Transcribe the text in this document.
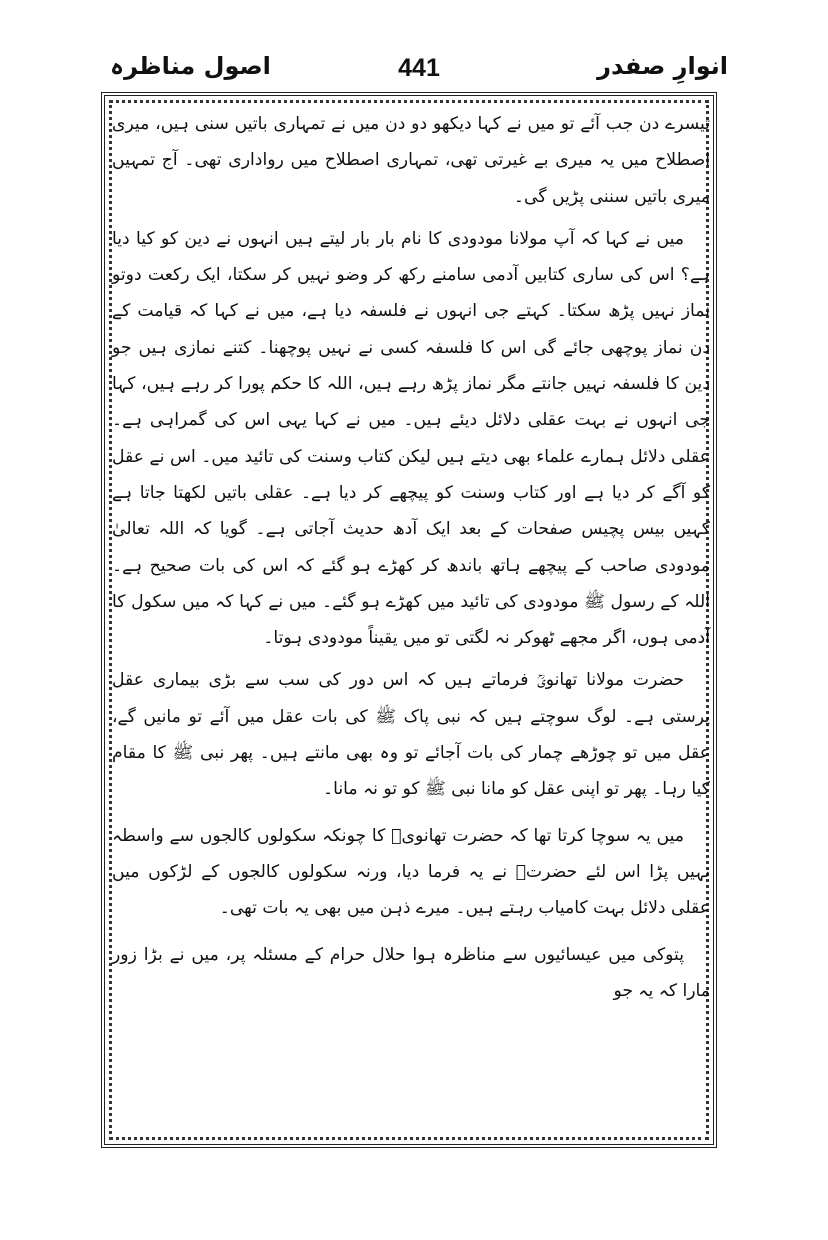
انوارِ صفدر
441
اصول مناظرہ

تیسرے دن جب آئے تو میں نے کہا دیکھو دو دن میں نے تمہاری باتیں سنی ہیں، میری اصطلاح میں یہ میری بے غیرتی تھی، تمہاری اصطلاح میں رواداری تھی۔ آج تمہیں میری باتیں سننی پڑیں گی۔

میں نے کہا کہ آپ مولانا مودودی کا نام بار بار لیتے ہیں انہوں نے دین کو کیا دیا ہے؟ اس کی ساری کتابیں آدمی سامنے رکھ کر وضو نہیں کر سکتا، ایک رکعت دوتو نماز نہیں پڑھ سکتا۔ کہتے جی انہوں نے فلسفہ دیا ہے، میں نے کہا کہ قیامت کے دن نماز پوچھی جائے گی اس کا فلسفہ کسی نے نہیں پوچھنا۔ کتنے نمازی ہیں جو دین کا فلسفہ نہیں جانتے مگر نماز پڑھ رہے ہیں، اللہ کا حکم پورا کر رہے ہیں، کہا جی انہوں نے بہت عقلی دلائل دیئے ہیں۔ میں نے کہا یہی اس کی گمراہی ہے۔ عقلی دلائل ہمارے علماء بھی دیتے ہیں لیکن کتاب وسنت کی تائید میں۔ اس نے عقل کو آگے کر دیا ہے اور کتاب وسنت کو پیچھے کر دیا ہے۔ عقلی باتیں لکھتا جاتا ہے کہیں بیس پچیس صفحات کے بعد ایک آدھ حدیث آجاتی ہے۔ گویا کہ اللہ تعالیٰ مودودی صاحب کے پیچھے ہاتھ باندھ کر کھڑے ہو گئے کہ اس کی بات صحیح ہے۔ اللہ کے رسول ﷺ مودودی کی تائید میں کھڑے ہو گئے۔ میں نے کہا کہ میں سکول کا آدمی ہوں، اگر مجھے ٹھوکر نہ لگتی تو میں یقیناً مودودی ہوتا۔

حضرت مولانا تھانویؒ فرماتے ہیں کہ اس دور کی سب سے بڑی بیماری عقل پرستی ہے۔ لوگ سوچتے ہیں کہ نبی پاک ﷺ کی بات عقل میں آئے تو مانیں گے، عقل میں تو چوڑھے چمار کی بات آجائے تو وہ بھی مانتے ہیں۔ پھر نبی ﷺ کا مقام کیا رہا۔ پھر تو اپنی عقل کو مانا نبی ﷺ کو تو نہ مانا۔

میں یہ سوچا کرتا تھا کہ حضرت تھانویؒ کا چونکہ سکولوں کالجوں سے واسطہ نہیں پڑا اس لئے حضرتؒ نے یہ فرما دیا، ورنہ سکولوں کالجوں کے لڑکوں میں عقلی دلائل بہت کامیاب رہتے ہیں۔ میرے ذہن میں بھی یہ بات تھی۔

پتوکی میں عیسائیوں سے مناظرہ ہوا حلال حرام کے مسئلہ پر، میں نے بڑا زور مارا کہ یہ جو
